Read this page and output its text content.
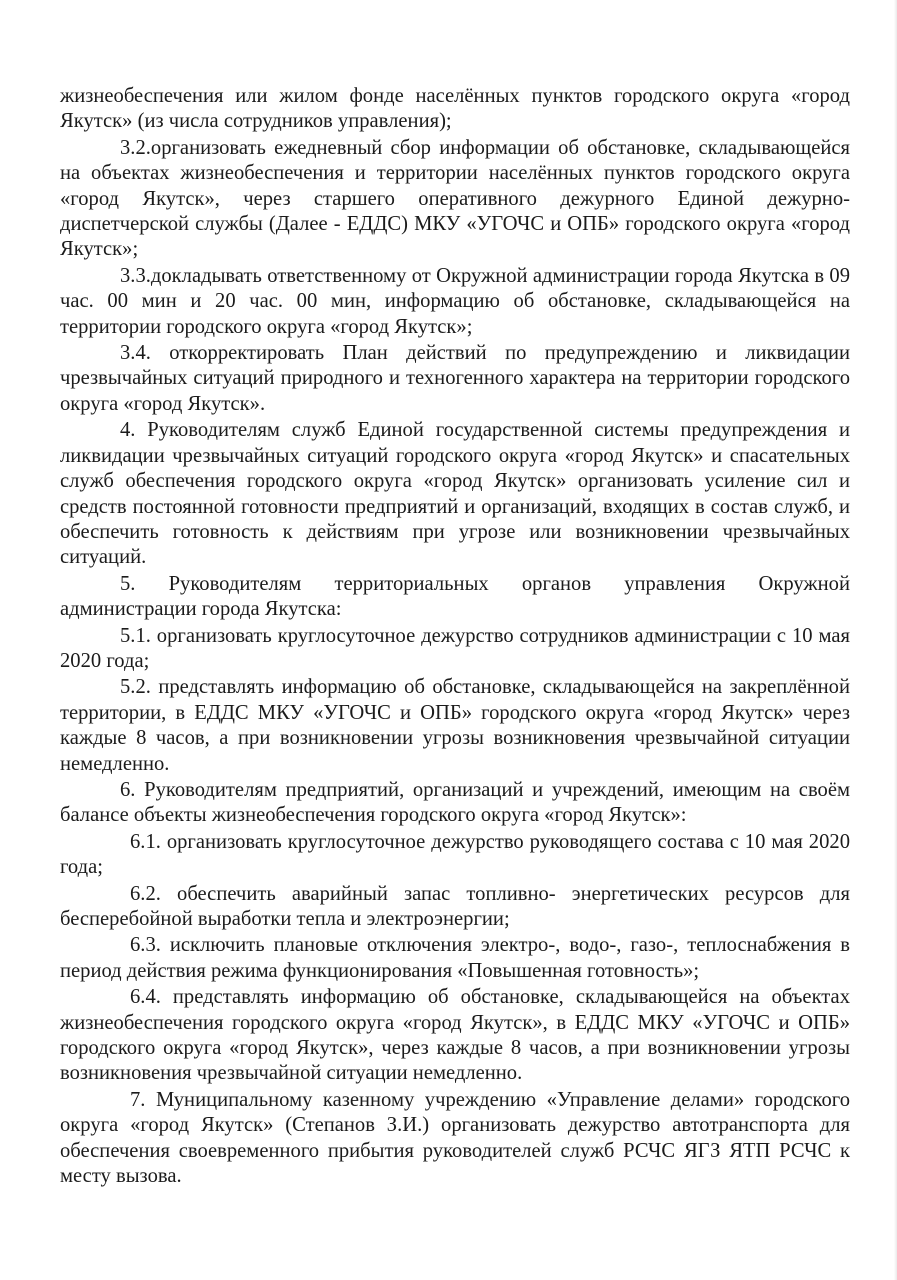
жизнеобеспечения или жилом фонде населённых пунктов городского округа «город Якутск» (из числа сотрудников управления);

3.2.организовать ежедневный сбор информации об обстановке, складывающейся на объектах жизнеобеспечения и территории населённых пунктов городского округа «город Якутск», через старшего оперативного дежурного Единой дежурно-диспетчерской службы (Далее - ЕДДС) МКУ «УГОЧС и ОПБ» городского округа «город Якутск»;

3.3.докладывать ответственному от Окружной администрации города Якутска в 09 час. 00 мин и 20 час. 00 мин, информацию об обстановке, складывающейся на территории городского округа «город Якутск»;

3.4. откорректировать План действий по предупреждению и ликвидации чрезвычайных ситуаций природного и техногенного характера на территории городского округа «город Якутск».

4. Руководителям служб Единой государственной системы предупреждения и ликвидации чрезвычайных ситуаций городского округа «город Якутск» и спасательных служб обеспечения городского округа «город Якутск» организовать усиление сил и средств постоянной готовности предприятий и организаций, входящих в состав служб, и обеспечить готовность к действиям при угрозе или возникновении чрезвычайных ситуаций.

5. Руководителям территориальных органов управления Окружной администрации города Якутска:

5.1. организовать круглосуточное дежурство сотрудников администрации с 10 мая 2020 года;

5.2. представлять информацию об обстановке, складывающейся на закреплённой территории, в ЕДДС МКУ «УГОЧС и ОПБ» городского округа «город Якутск» через каждые 8 часов, а при возникновении угрозы возникновения чрезвычайной ситуации немедленно.

6. Руководителям предприятий, организаций и учреждений, имеющим на своём балансе объекты жизнеобеспечения городского округа «город Якутск»:

6.1. организовать круглосуточное дежурство руководящего состава с 10 мая 2020 года;

6.2. обеспечить аварийный запас топливно- энергетических ресурсов для бесперебойной выработки тепла и электроэнергии;

6.3. исключить плановые отключения электро-, водо-, газо-, теплоснабжения в период действия режима функционирования «Повышенная готовность»;

6.4. представлять информацию об обстановке, складывающейся на объектах жизнеобеспечения городского округа «город Якутск», в ЕДДС МКУ «УГОЧС и ОПБ» городского округа «город Якутск», через каждые 8 часов, а при возникновении угрозы возникновения чрезвычайной ситуации немедленно.

7. Муниципальному казенному учреждению «Управление делами» городского округа «город Якутск» (Степанов З.И.) организовать дежурство автотранспорта для обеспечения своевременного прибытия руководителей служб РСЧС ЯГЗ ЯТП РСЧС к месту вызова.
